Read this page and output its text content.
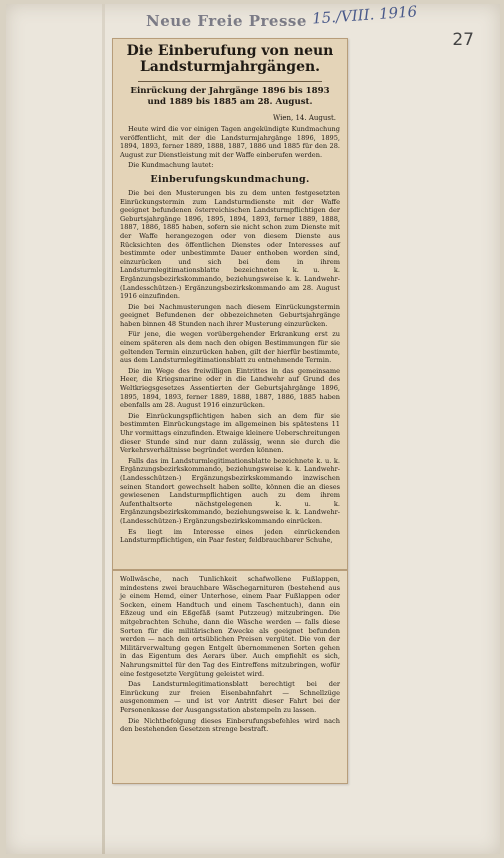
Neue Freie Presse 15./VIII. 1916
27
Die Einberufung von neun Landsturmjahrgängen.
Einrückung der Jahrgänge 1896 bis 1893 und 1889 bis 1885 am 28. August.
Wien, 14. August.

Heute wird die vor einigen Tagen angekündigte Kundmachung veröffentlicht, mit der die Landsturmjahrgänge 1896, 1895, 1894, 1893, ferner 1889, 1888, 1887, 1886 und 1885 für den 28. August zur Dienstleistung mit der Waffe einberufen werden.

Die Kundmachung lautet:

Einberufungskundmachung.

Die bei den Musterungen bis zu dem unten festgesetzten Einrückungstermin zum Landsturmdienste mit der Waffe geeignet befundenen österreichischen Landsturmpflichtigen der Geburtsjahrgänge 1896, 1895, 1894, 1893, ferner 1889, 1888, 1887, 1886, 1885 haben, sofern sie nicht schon zum Dienste mit der Waffe herangezogen oder von diesem Dienste aus Rücksichten des öffentlichen Dienstes oder Interesses auf bestimmte oder unbestimmte Dauer enthoben worden sind, einzurücken und sich bei dem in ihrem Landsturmlegitimationsblatte bezeichneten k. u. k. Ergänzungsbezirkskommando, beziehungsweise k. k. Landwehr- (Landesschützen-) Ergänzungsbezirkskommando am 28. August 1916 einzufinden.

Die bei Nachmusterungen nach diesem Einrückungstermin geeignet Befundenen der obbezeichneten Geburtsjahrgänge haben binnen 48 Stunden nach ihrer Musterung einzurücken.

Für jene, die wegen vorübergehender Erkrankung erst zu einem späteren als dem nach den obigen Bestimmungen für sie geltenden Termin einzurücken haben, gilt der hierfür bestimmte, aus dem Landsturmlegitimationsblatt zu entnehmende Termin.

Die im Wege des freiwilligen Eintrittes in das gemeinsame Heer, die Kriegsmarine oder in die Landwehr auf Grund des Weltkriegsgesetzes Assentierten der Geburtsjahrgänge 1896, 1895, 1894, 1893, ferner 1889, 1888, 1887, 1886, 1885 haben ebenfalls am 28. August 1916 einzurücken.

Die Einrückungspflichtigen haben sich an dem für sie bestimmten Einrückungstage im allgemeinen bis spätestens 11 Uhr vormittags einzufinden. Etwaige kleinere Ueberschreitungen dieser Stunde sind nur dann zulässig, wenn sie durch die Verkehrsverhältnisse begründet werden können.

Falls das im Landsturmlegitimationsblatte bezeichnete k. u. k. Ergänzungsbezirkskommando, beziehungsweise k. k. Landwehr- (Landesschützen-) Ergänzungsbezirkskommando inzwischen seinen Standort gewechselt haben sollte, können die an dieses gewiesenen Landsturmpflichtigen auch zu dem ihrem Aufenthaltsorte nächstgelegenen k. u. k. Ergänzungsbezirkskommando, beziehungsweise k. k. Landwehr- (Landesschützen-) Ergänzungsbezirkskommando einrücken.

Es liegt im Interesse eines jeden einrückenden Landsturmpflichtigen, ein Paar fester, feldbrauchbarer Schuhe,

Wollwäsche, nach Tunlichkeit schafwollene Fußlappen, mindestens zwei brauchbare Wäschegarnituren (bestehend aus je einem Hemd, einer Unterhose, einem Paar Fußlappen oder Socken, einem Handtuch und einem Taschentuch), dann ein Eßzeug und ein Eßgefäß (samt Putzzeug) mitzubringen. Die mitgebrachten Schuhe, dann die Wäsche werden — falls diese Sorten für die militärischen Zwecke als geeignet befunden werden — nach den ortsüblichen Preisen vergütet. Die von der Militärverwaltung gegen Entgelt übernommenen Sorten gehen in das Eigentum des Aerars über. Auch empfiehlt es sich, Nahrungsmittel für den Tag des Eintreffens mitzubringen, wofür eine festgesetzte Vergütung geleistet wird.

Das Landsturmlegitimationsblatt berechtigt bei der Einrückung zur freien Eisenbahnfahrt — Schnellzüge ausgenommen — und ist vor Antritt dieser Fahrt bei der Personenkasse der Ausgangsstation abstempeln zu lassen.

Die Nichtbefolgung dieses Einberufungsbefehles wird nach den bestehenden Gesetzen strenge bestraft.
